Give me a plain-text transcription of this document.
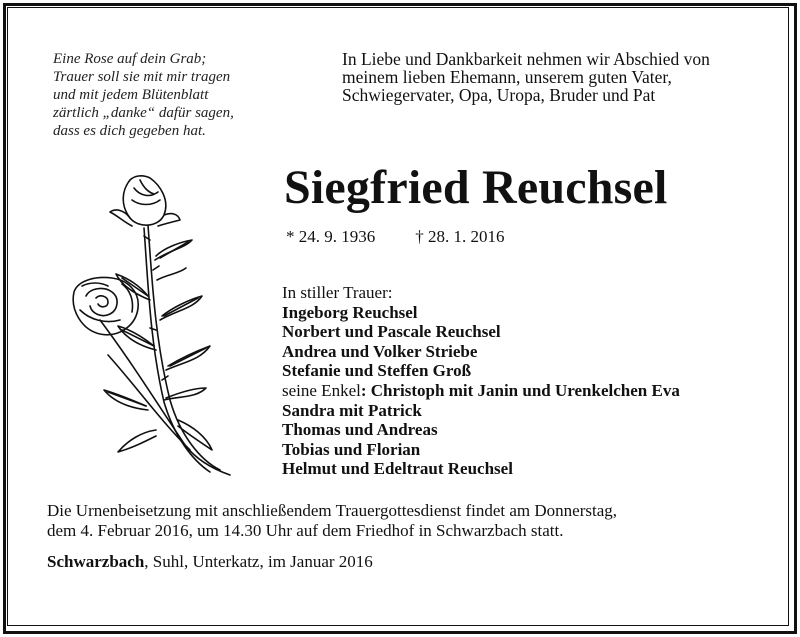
Eine Rose auf dein Grab;
Trauer soll sie mit mir tragen
und mit jedem Blütenblatt
zärtlich „danke“ dafür sagen,
dass es dich gegeben hat.
In Liebe und Dankbarkeit nehmen wir Abschied von
meinem lieben Ehemann, unserem guten Vater,
Schwiegervater, Opa, Uropa, Bruder und Pat
Siegfried Reuchsel
* 24. 9. 1936 † 28. 1. 2016
In stiller Trauer:
Ingeborg Reuchsel
Norbert und Pascale Reuchsel
Andrea und Volker Striebe
Stefanie und Steffen Groß
seine Enkel: Christoph mit Janin und Urenkelchen Eva
Sandra mit Patrick
Thomas und Andreas
Tobias und Florian
Helmut und Edeltraut Reuchsel
Die Urnenbeisetzung mit anschließendem Trauergottesdienst findet am Donnerstag,
dem 4. Februar 2016, um 14.30 Uhr auf dem Friedhof in Schwarzbach statt.
Schwarzbach, Suhl, Unterkatz, im Januar 2016
